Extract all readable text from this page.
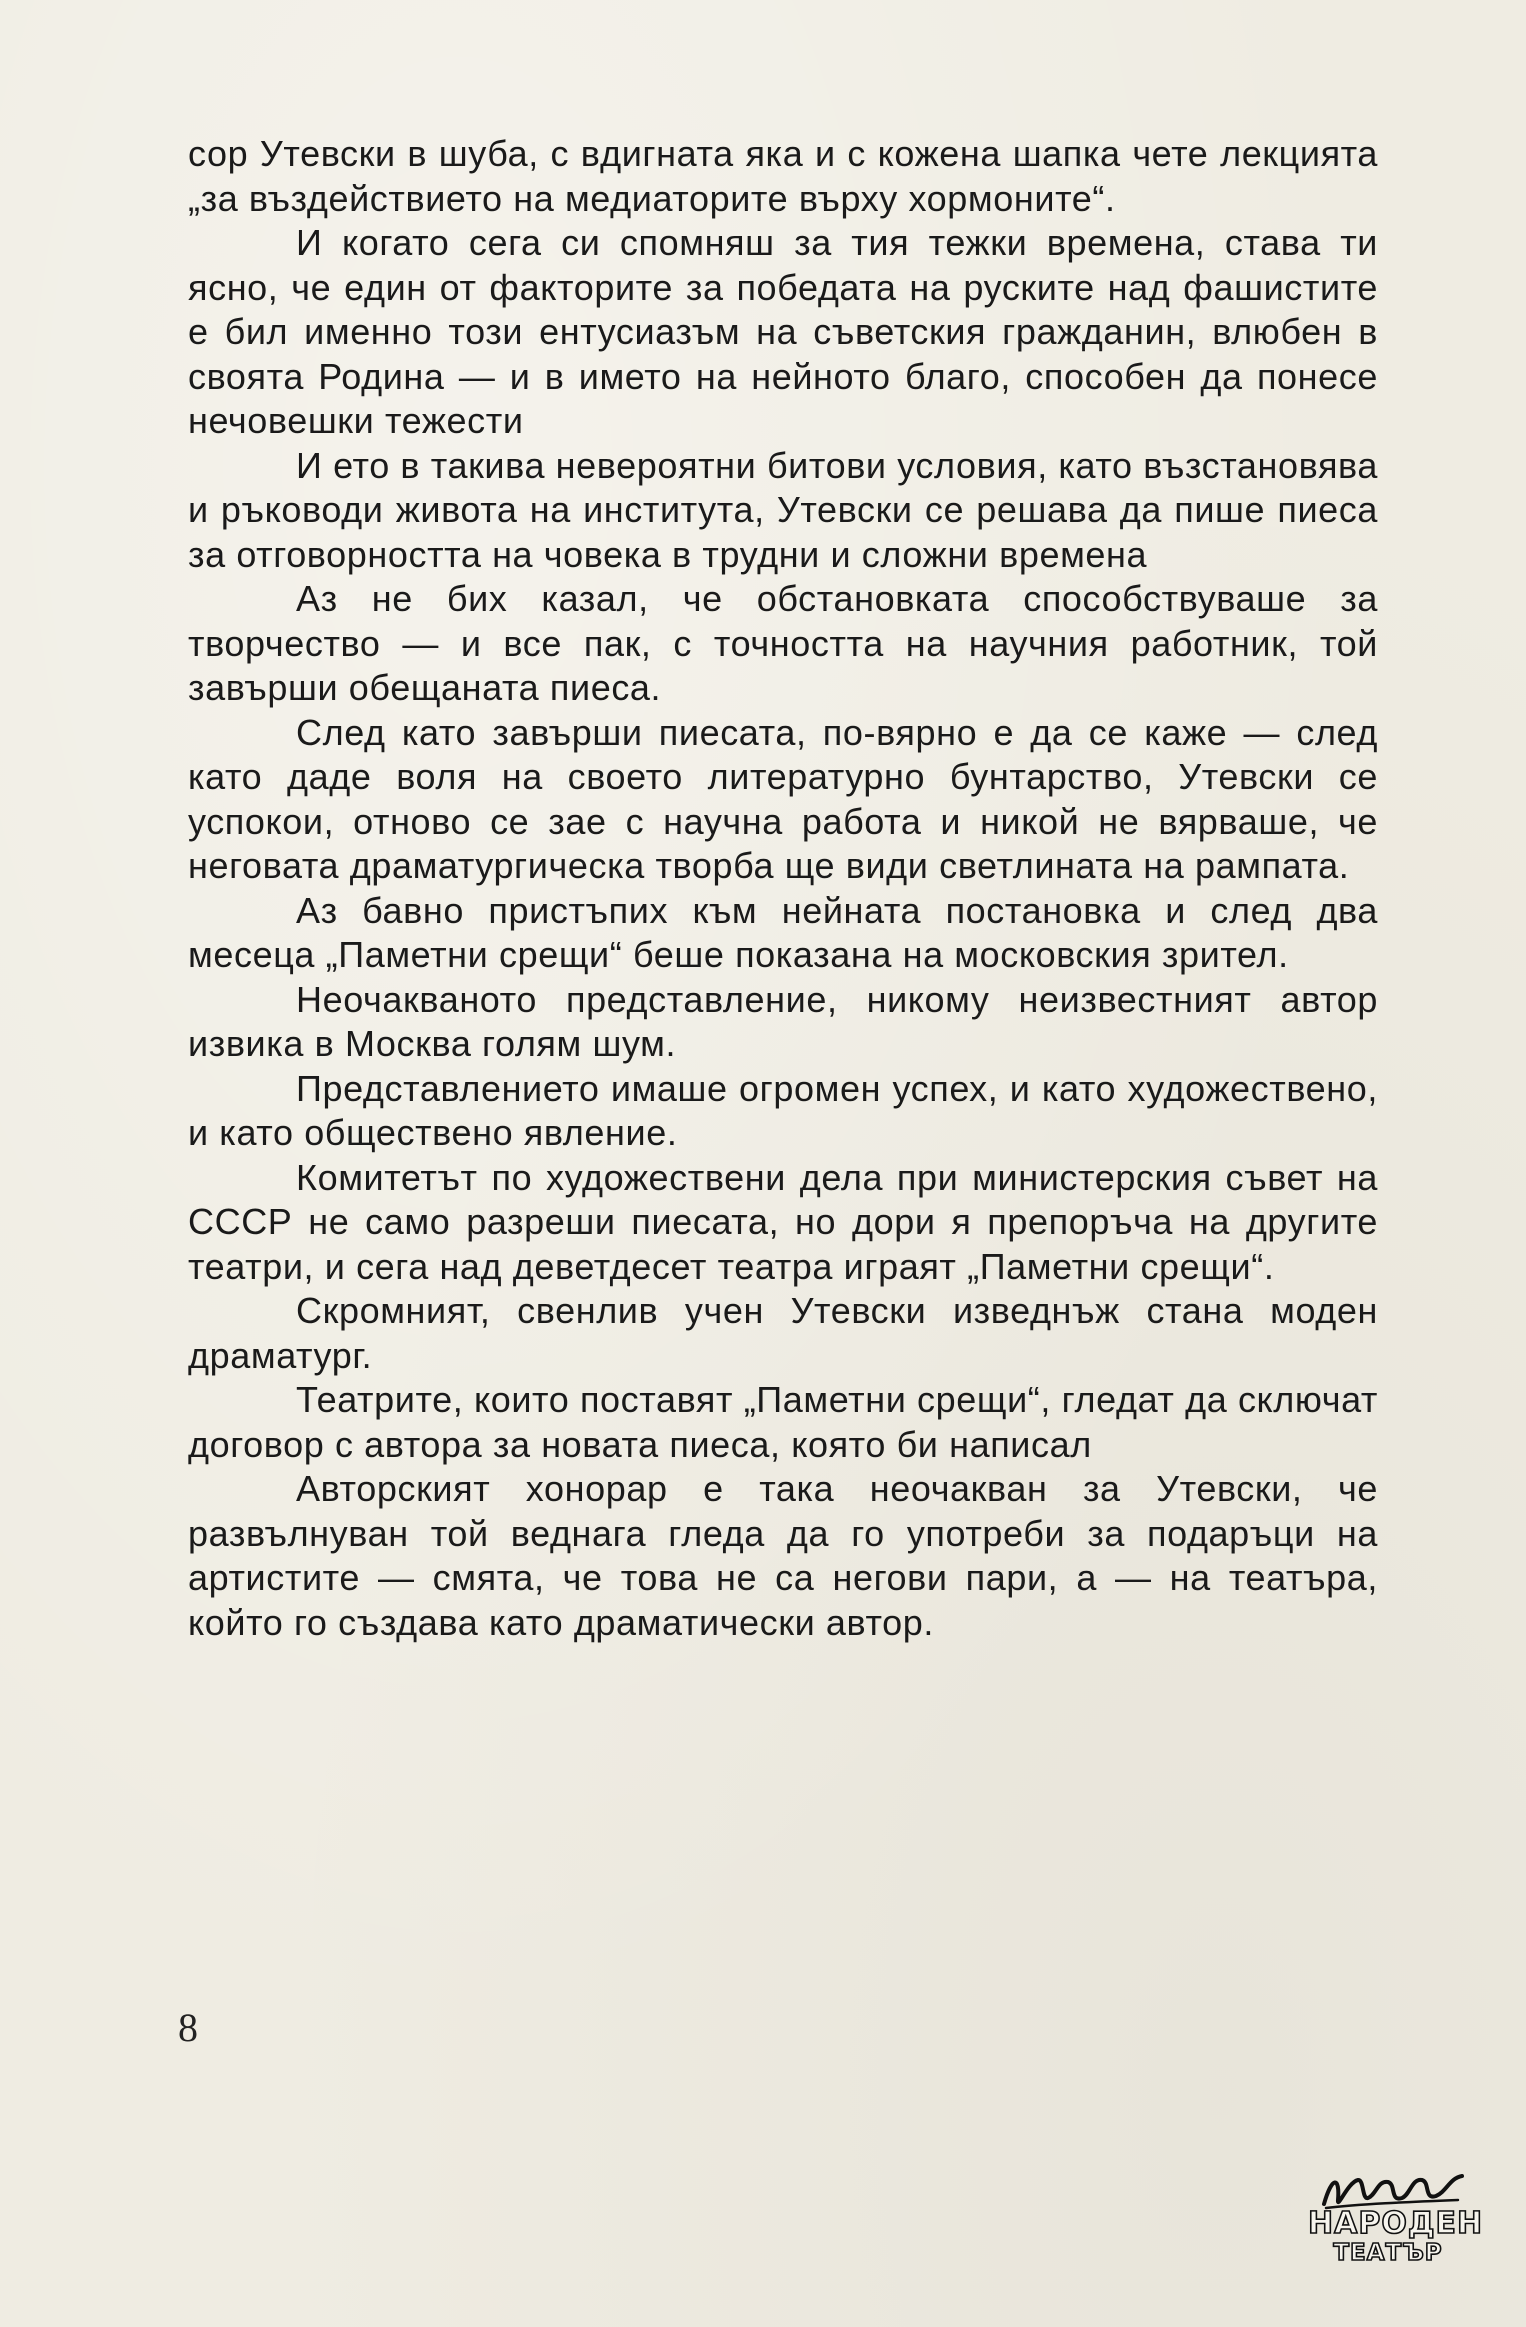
сор Утевски в шуба, с вдигната яка и с кожена шапка чете лекцията „за въздействието на медиаторите върху хормоните“.

И когато сега си спомняш за тия тежки времена, става ти ясно, че един от факторите за победата на руските над фашистите е бил именно този ентусиазъм на съветския гражданин, влюбен в своята Родина — и в името на нейното благо, способен да понесе нечовешки тежести

И ето в такива невероятни битови условия, като възстановява и ръководи живота на института, Утевски се решава да пише пиеса за отговорността на човека в трудни и сложни времена

Аз не бих казал, че обстановката способствуваше за творчество — и все пак, с точността на научния работник, той завърши обещаната пиеса.

След като завърши пиесата, по-вярно е да се каже — след като даде воля на своето литературно бунтарство, Утевски се успокои, отново се зае с научна работа и никой не вярваше, че неговата драматургическа творба ще види светлината на рампата.

Аз бавно пристъпих към нейната постановка и след два месеца „Паметни срещи“ беше показана на московския зрител.

Неочакваното представление, никому неизвестният автор извика в Москва голям шум.

Представлението имаше огромен успех, и като художествено, и като обществено явление.

Комитетът по художествени дела при министерския съвет на СССР не само разреши пиесата, но дори я препоръча на другите театри, и сега над деветдесет театра играят „Паметни срещи“.

Скромният, свенлив учен Утевски изведнъж стана моден драматург.

Театрите, които поставят „Паметни срещи“, гледат да сключат договор с автора за новата пиеса, която би написал

Авторският хонорар е така неочакван за Утевски, че развълнуван той веднага гледа да го употреби за подаръци на артистите — смята, че това не са негови пари, а — на театъра, който го създава като драматически автор.

8
НАРОДЕН
ТЕАТЪР
